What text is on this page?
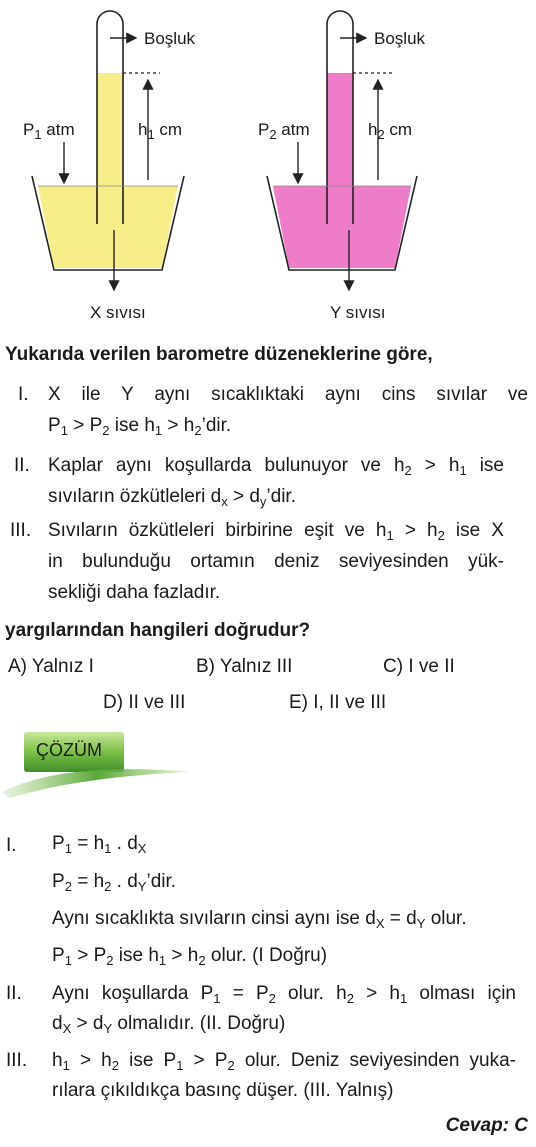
Boşluk
$P_1$ atm	$h_1$ cm
X sıvısı
Boşluk
$P_2$ atm	$h_2$ cm
Y sıvısı
Yukarıda verilen barometre düzeneklerine göre,
I. X ile Y aynı sıcaklıktaki aynı cins sıvılar ve
$P_1 > P_2$ ise $h_1$ > $h_2’dir$.
II. Kaplar aynı koşullarda bulunuyor ve $h_2 > h_1$ ise
sıvıların özkütleleri $d_x$ > $d_y’dir$.
III. Sıvıların özkütleleri birbirine eşit ve $h_1 > h_2$ ise X
in bulunduğu ortamın deniz seviyesinden yük-
sekliği daha fazladır.
yargılarından hangileri doğrudur?
A) Yalnız I	B) Yalnız III	C) I ve II
D) II ve III	E) I, II ve III
ÇÖZÜM
I. $P_1 = h_1$ . $d_X$
$P_2 = h_2$ . $d_Y’dir$.
Aynı sıcaklıkta sıvıların cinsi aynı ise $d_X = d_Y$ olur.
$P_1 > P_2$ ise $h_1 > h_2$ olur. (I Doğru)
II. Aynı koşullarda $P_1 = P_2$ olur. $h_2 > h_1$ olması için
$d_X > d_Y$ olmalıdır. (II. Doğru)
III. $h_1 > h_2$ ise $P_1 > P_2$ olur. Deniz seviyesinden yuka-
rılara çıkıldıkça basınç düşer. (III. Yalnış)
Cevap: C
